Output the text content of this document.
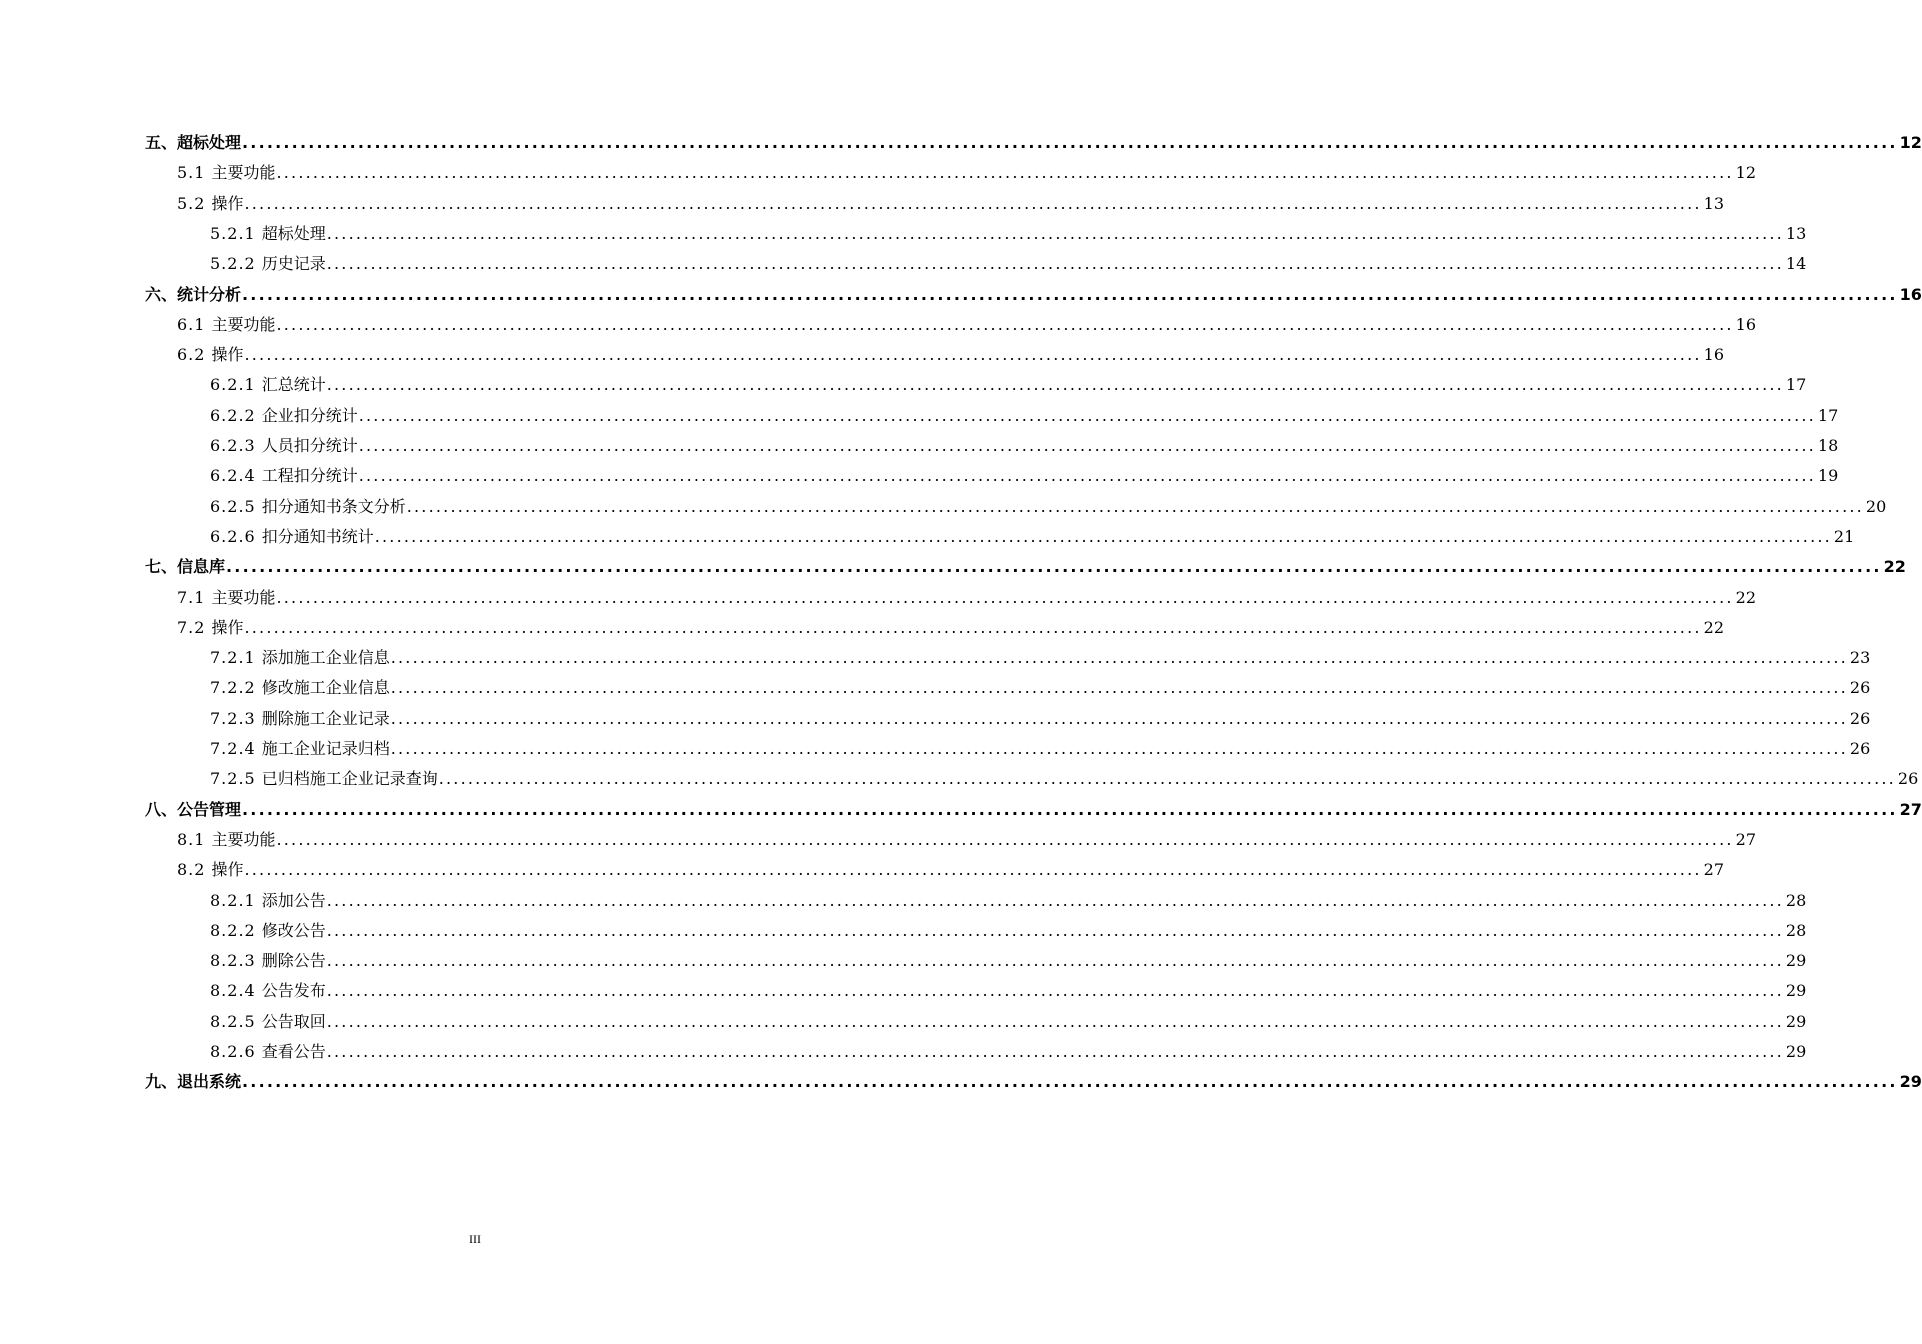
五、超标处理 ........................................................................................................................................................................................................ 12
5.1 主要功能 ........................................................................................................................................................................................................ 12
5.2 操作 ........................................................................................................................................................................................................ 13
5.2.1 超标处理 ........................................................................................................................................................................................................ 13
5.2.2 历史记录 ........................................................................................................................................................................................................ 14
六、统计分析 ........................................................................................................................................................................................................ 16
6.1 主要功能 ........................................................................................................................................................................................................ 16
6.2 操作 ........................................................................................................................................................................................................ 16
6.2.1 汇总统计 ........................................................................................................................................................................................................ 17
6.2.2 企业扣分统计 ........................................................................................................................................................................................................ 17
6.2.3 人员扣分统计 ........................................................................................................................................................................................................ 18
6.2.4 工程扣分统计 ........................................................................................................................................................................................................ 19
6.2.5 扣分通知书条文分析 ........................................................................................................................................................................................................ 20
6.2.6 扣分通知书统计 ........................................................................................................................................................................................................ 21
七、信息库 ........................................................................................................................................................................................................ 22
7.1 主要功能 ........................................................................................................................................................................................................ 22
7.2 操作 ........................................................................................................................................................................................................ 22
7.2.1 添加施工企业信息 ........................................................................................................................................................................................................ 23
7.2.2 修改施工企业信息 ........................................................................................................................................................................................................ 26
7.2.3 删除施工企业记录 ........................................................................................................................................................................................................ 26
7.2.4 施工企业记录归档 ........................................................................................................................................................................................................ 26
7.2.5 已归档施工企业记录查询 ........................................................................................................................................................................................................ 26
八、公告管理 ........................................................................................................................................................................................................ 27
8.1 主要功能 ........................................................................................................................................................................................................ 27
8.2 操作 ........................................................................................................................................................................................................ 27
8.2.1 添加公告 ........................................................................................................................................................................................................ 28
8.2.2 修改公告 ........................................................................................................................................................................................................ 28
8.2.3 删除公告 ........................................................................................................................................................................................................ 29
8.2.4 公告发布 ........................................................................................................................................................................................................ 29
8.2.5 公告取回 ........................................................................................................................................................................................................ 29
8.2.6 查看公告 ........................................................................................................................................................................................................ 29
九、退出系统 ........................................................................................................................................................................................................ 29
III
